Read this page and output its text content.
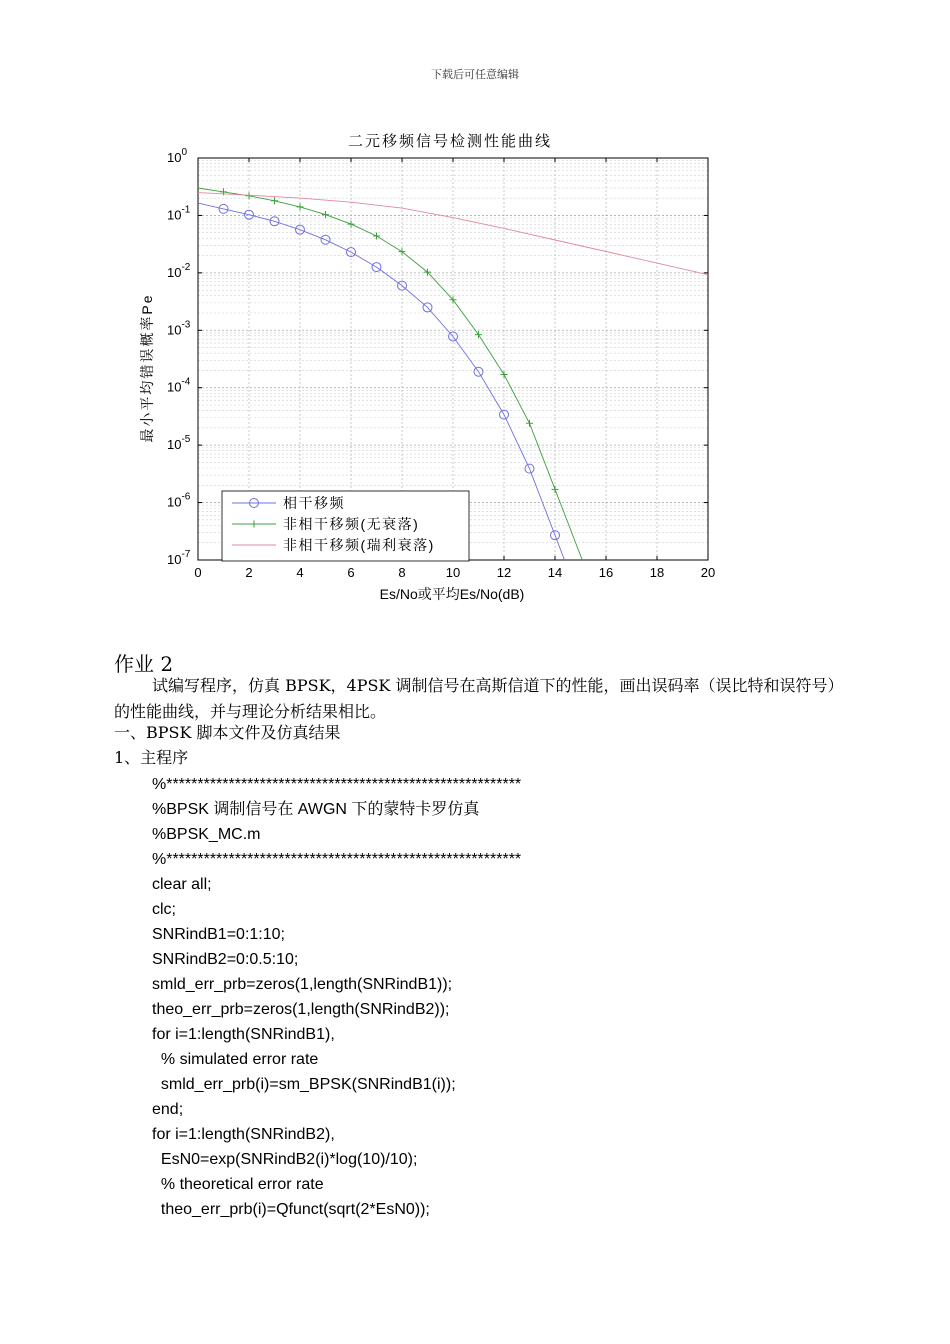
下载后可任意编辑
0	2	4	6	8	10	12	14	16	18	20
$10^0$
$10^{-1}$
$10^{-2}$
$10^{-3}$
$10^{-4}$
$10^{-5}$
$10^{-6}$
$10^{-7}$
二元移频信号检测性能曲线
Es/No或平均Es/No(dB)
最小平均错误概率Pe
相干移频
非相干移频(无衰落)
非相干移频(瑞利衰落)
作业 2
试编写程序，仿真 BPSK，4PSK 调制信号在高斯信道下的性能，画出误码率（误比特和误符号）的性能曲线，并与理论分析结果相比。
一、BPSK 脚本文件及仿真结果
1、主程序
%*********************************************************
%BPSK 调制信号在 AWGN 下的蒙特卡罗仿真
%BPSK_MC.m
%*********************************************************
clear all;
clc;
SNRindB1=0:1:10;
SNRindB2=0:0.5:10;
smld_err_prb=zeros(1,length(SNRindB1));
theo_err_prb=zeros(1,length(SNRindB2));
for i=1:length(SNRindB1),
% simulated error rate
smld_err_prb(i)=sm_BPSK(SNRindB1(i));
end;
for i=1:length(SNRindB2),
EsN0=exp(SNRindB2(i)*log(10)/10);
% theoretical error rate
theo_err_prb(i)=Qfunct(sqrt(2*EsN0));
